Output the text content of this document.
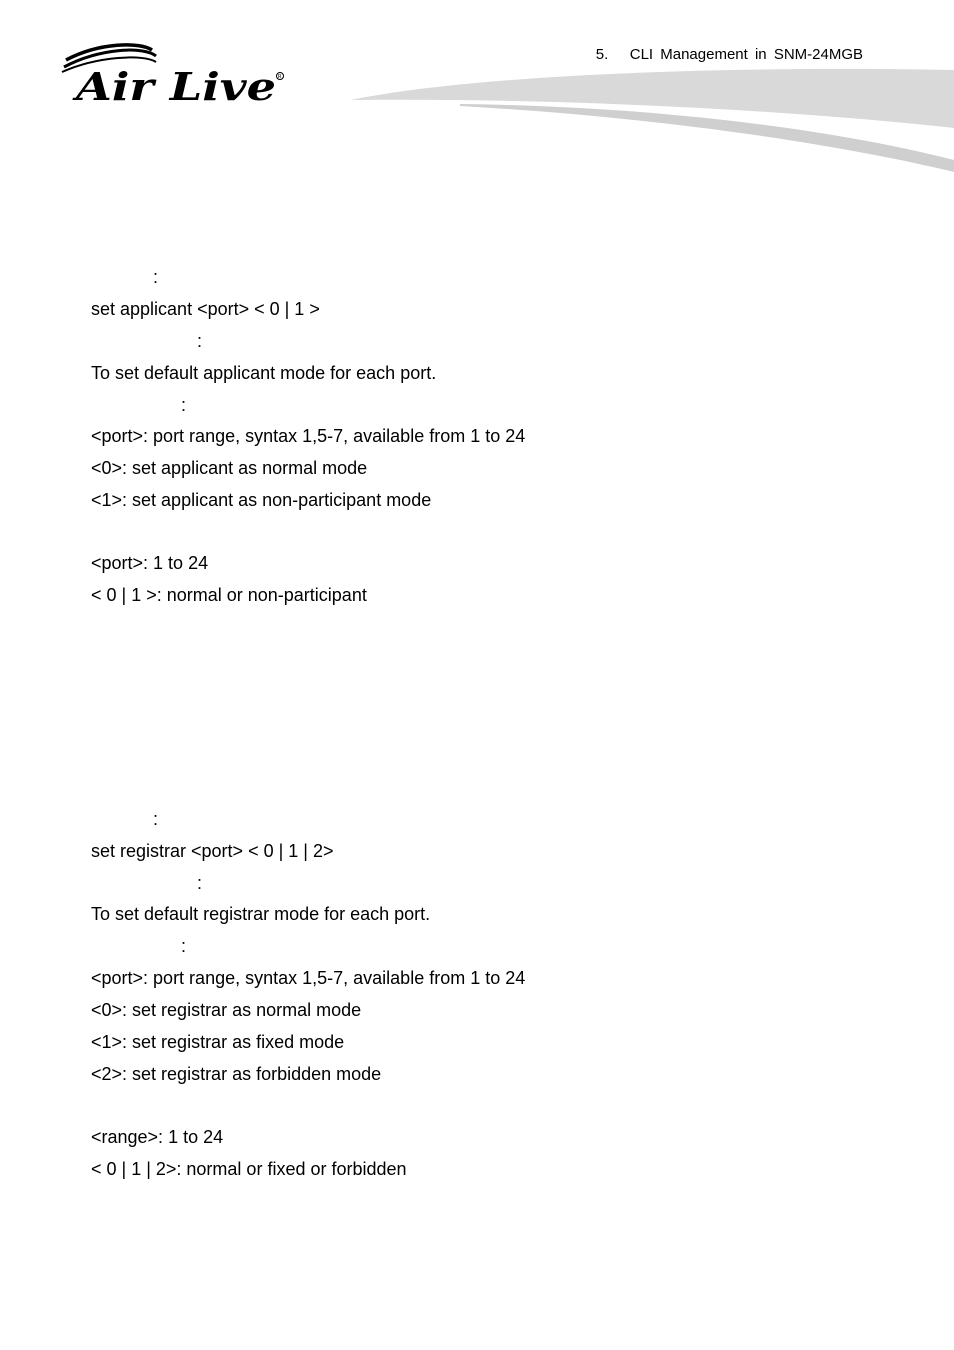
Air Live R
5.   CLI Management in SNM-24MGB
:
set applicant <port> < 0 | 1 >
:
To set default applicant mode for each port.
:
<port>: port range, syntax 1,5-7, available from 1 to 24
<0>: set applicant as normal mode
<1>: set applicant as non-participant mode
<port>: 1 to 24
< 0 | 1 >: normal or non-participant
:
set registrar <port> < 0 | 1 | 2>
:
To set default registrar mode for each port.
:
<port>: port range, syntax 1,5-7, available from 1 to 24
<0>: set registrar as normal mode
<1>: set registrar as fixed mode
<2>: set registrar as forbidden mode
<range>: 1 to 24
< 0 | 1 | 2>: normal or fixed or forbidden
